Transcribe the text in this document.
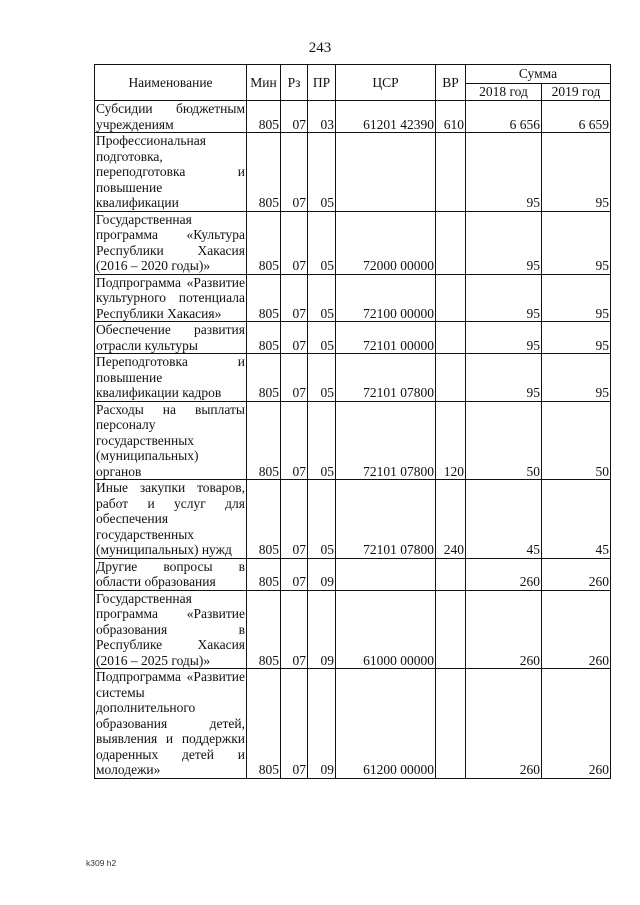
243
Наименование	Мин	Рз	ПР	ЦСР	ВР	Сумма	
						2018 год	2019 год
Субсидии бюджетным учреждениям	805	07	03	61201 42390	610	6 656	6 659
Профессиональная подготовка, переподготовка и повышение квалификации	805	07	05			95	95
Государственная программа «Культура Республики Хакасия (2016 – 2020 годы)»	805	07	05	72000 00000		95	95
Подпрограмма «Развитие культурного потенциала Республики Хакасия»	805	07	05	72100 00000		95	95
Обеспечение развития отрасли культуры	805	07	05	72101 00000		95	95
Переподготовка и повышение квалификации кадров	805	07	05	72101 07800		95	95
Расходы на выплаты персоналу государственных (муниципальных) органов	805	07	05	72101 07800	120	50	50
Иные закупки товаров, работ и услуг для обеспечения государственных (муниципальных) нужд	805	07	05	72101 07800	240	45	45
Другие вопросы в области образования	805	07	09			260	260
Государственная программа «Развитие образования в Республике Хакасия (2016 – 2025 годы)»	805	07	09	61000 00000		260	260
Подпрограмма «Развитие системы дополнительного образования детей, выявления и поддержки одаренных детей и молодежи»	805	07	09	61200 00000		260	260
k309 h2
